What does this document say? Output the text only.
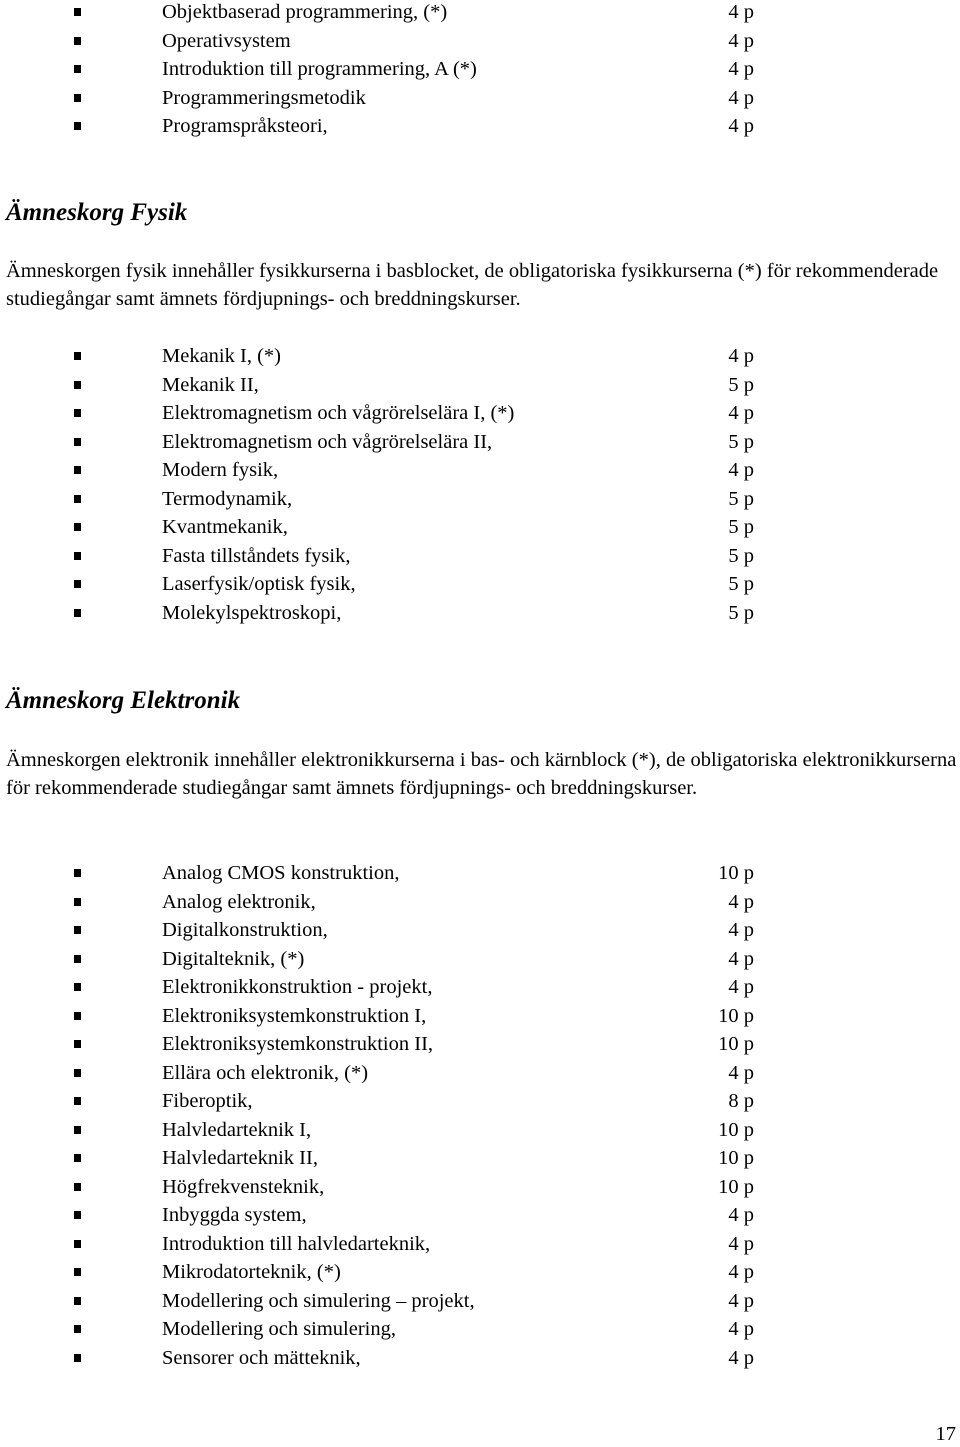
Objektbaserad programmering, (*)	4 p
Operativsystem	4 p
Introduktion till programmering, A (*)	4 p
Programmeringsmetodik	4 p
Programspråksteori,	4 p
Ämneskorg Fysik

Ämneskorgen fysik innehåller fysikkurserna i basblocket, de obligatoriska fysikkurserna (*) för rekommenderade studiegångar samt ämnets fördjupnings- och breddningskurser.

Mekanik I, (*)	4 p
Mekanik II,	5 p
Elektromagnetism och vågrörelselära I, (*)	4 p
Elektromagnetism och vågrörelselära II,	5 p
Modern fysik,	4 p
Termodynamik,	5 p
Kvantmekanik,	5 p
Fasta tillståndets fysik,	5 p
Laserfysik/optisk fysik,	5 p
Molekylspektroskopi,	5 p
Ämneskorg Elektronik

Ämneskorgen elektronik innehåller elektronikkurserna i bas- och kärnblock (*), de obligatoriska elektronikkurserna för rekommenderade studiegångar samt ämnets fördjupnings- och breddningskurser.

Analog CMOS konstruktion,	10 p
Analog elektronik,	4 p
Digitalkonstruktion,	4 p
Digitalteknik, (*)	4 p
Elektronikkonstruktion - projekt,	4 p
Elektroniksystemkonstruktion I,	10 p
Elektroniksystemkonstruktion II,	10 p
Ellära och elektronik, (*)	4 p
Fiberoptik,	8 p
Halvledarteknik I,	10 p
Halvledarteknik II,	10 p
Högfrekvensteknik,	10 p
Inbyggda system,	4 p
Introduktion till halvledarteknik,	4 p
Mikrodatorteknik, (*)	4 p
Modellering och simulering – projekt,	4 p
Modellering och simulering,	4 p
Sensorer och mätteknik,	4 p
17
